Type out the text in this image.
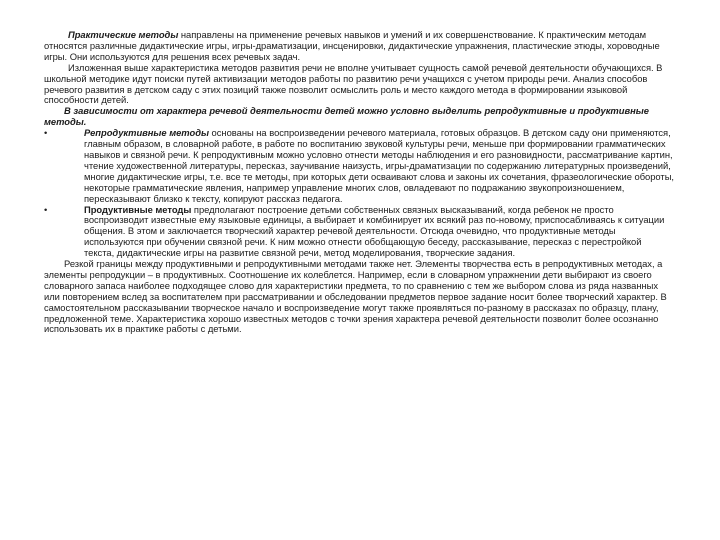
Практические методы направлены на применение речевых навыков и умений и их совершенствование. К практическим методам относятся различные дидактические игры, игры-драматизации, инсценировки, дидактические упражнения, пластические этюды, хороводные игры. Они используются для решения всех речевых задач.

Изложенная выше характеристика методов развития речи не вполне учитывает сущность самой речевой деятельности обучающихся. В школьной методике идут поиски путей активизации методов работы по развитию речи учащихся с учетом природы речи. Анализ способов речевого развития в детском саду с этих позиций также позволит осмыслить роль и место каждого метода в формировании языковой способности детей.

В зависимости от характера речевой деятельности детей можно условно выделить репродуктивные и продуктивные методы.

•	Репродуктивные методы основаны на воспроизведении речевого материала, готовых образцов. В детском саду они применяются, главным образом, в словарной работе, в работе по воспитанию звуковой культуры речи, меньше при формировании грамматических навыков и связной речи. К репродуктивным можно условно отнести методы наблюдения и его разновидности, рассматривание картин, чтение художественной литературы, пересказ, заучивание наизусть, игры-драматизации по содержанию литературных произведений, многие дидактические игры, т.е. все те методы, при которых дети осваивают слова и законы их сочетания, фразеологические обороты, некоторые грамматические явления, например управление многих слов, овладевают по подражанию звукопроизношением, пересказывают близко к тексту, копируют рассказ педагога.

•	Продуктивные методы предполагают построение детьми собственных связных высказываний, когда ребенок не просто воспроизводит известные ему языковые единицы, а выбирает и комбинирует их всякий раз по-новому, приспосабливаясь к ситуации общения. В этом и заключается творческий характер речевой деятельности. Отсюда очевидно, что продуктивные методы используются при обучении связной речи. К ним можно отнести обобщающую беседу, рассказывание, пересказ с перестройкой текста, дидактические игры на развитие связной речи, метод моделирования, творческие задания.

Резкой границы между продуктивными и репродуктивными методами также нет. Элементы творчества есть в репродуктивных методах, а элементы репродукции – в продуктивных. Соотношение их колеблется. Например, если в словарном упражнении дети выбирают из своего словарного запаса наиболее подходящее слово для характеристики предмета, то по сравнению с тем же выбором слова из ряда названных или повторением вслед за воспитателем при рассматривании и обследовании предметов первое задание носит более творческий характер. В самостоятельном рассказывании творческое начало и воспроизведение могут также проявляться по-разному в рассказах по образцу, плану, предложенной теме. Характеристика хорошо известных методов с точки зрения характера речевой деятельности позволит более осознанно использовать их в практике работы с детьми.
